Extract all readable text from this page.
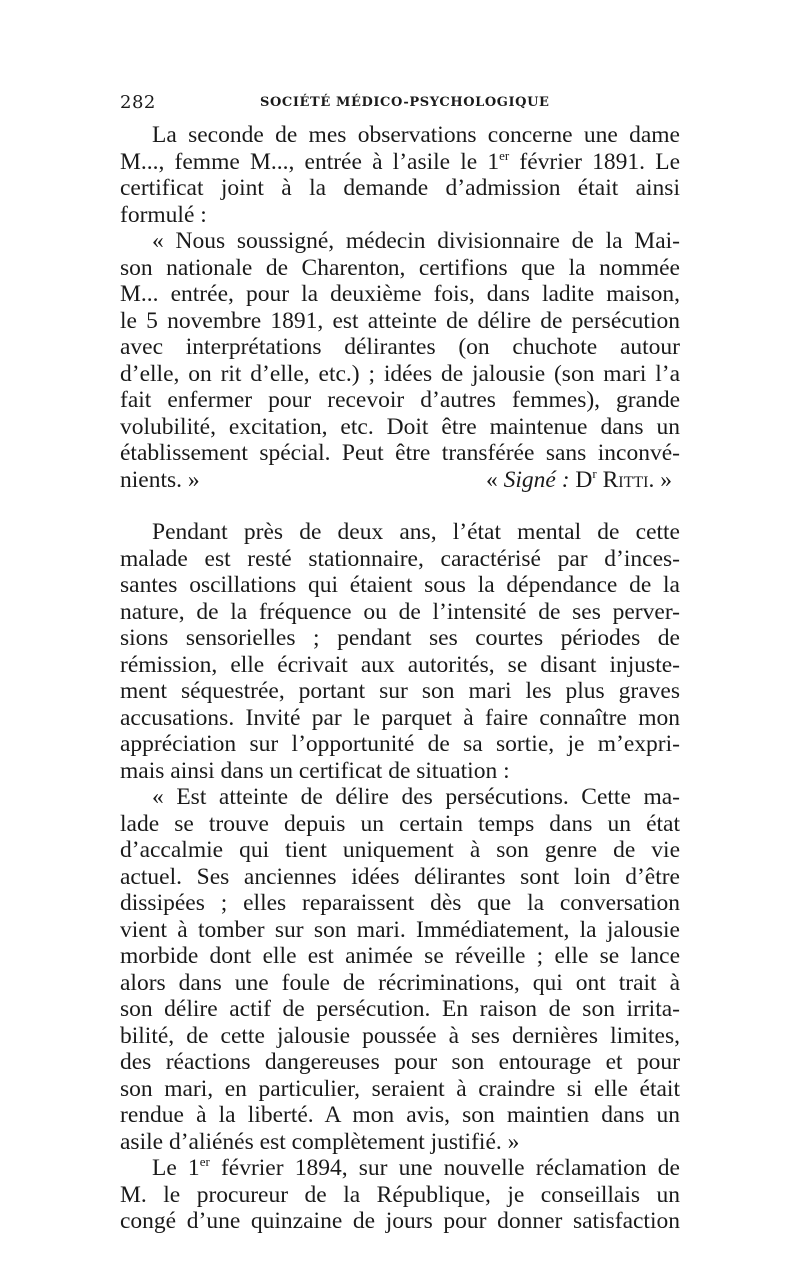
282	SOCIÉTÉ MÉDICO-PSYCHOLOGIQUE

La seconde de mes observations concerne une dame
M..., femme M..., entrée à l’asile le 1er février 1891. Le
certificat joint à la demande d’admission était ainsi
formulé :

« Nous soussigné, médecin divisionnaire de la Mai-
son nationale de Charenton, certifions que la nommée
M... entrée, pour la deuxième fois, dans ladite maison,
le 5 novembre 1891, est atteinte de délire de persécution
avec interprétations délirantes (on chuchote autour
d’elle, on rit d’elle, etc.) ; idées de jalousie (son mari l’a
fait enfermer pour recevoir d’autres femmes), grande
volubilité, excitation, etc. Doit être maintenue dans un
établissement spécial. Peut être transférée sans inconvé-
nients. »	« Signé : $D^r$ Ritti. »

Pendant près de deux ans, l’état mental de cette
malade est resté stationnaire, caractérisé par d’inces-
santes oscillations qui étaient sous la dépendance de la
nature, de la fréquence ou de l’intensité de ses perver-
sions sensorielles ; pendant ses courtes périodes de
rémission, elle écrivait aux autorités, se disant injuste-
ment séquestrée, portant sur son mari les plus graves
accusations. Invité par le parquet à faire connaître mon
appréciation sur l’opportunité de sa sortie, je m’expri-
mais ainsi dans un certificat de situation :

« Est atteinte de délire des persécutions. Cette ma-
lade se trouve depuis un certain temps dans un état
d’accalmie qui tient uniquement à son genre de vie
actuel. Ses anciennes idées délirantes sont loin d’être
dissipées ; elles reparaissent dès que la conversation
vient à tomber sur son mari. Immédiatement, la jalousie
morbide dont elle est animée se réveille ; elle se lance
alors dans une foule de récriminations, qui ont trait à
son délire actif de persécution. En raison de son irrita-
bilité, de cette jalousie poussée à ses dernières limites,
des réactions dangereuses pour son entourage et pour
son mari, en particulier, seraient à craindre si elle était
rendue à la liberté. A mon avis, son maintien dans un
asile d’aliénés est complètement justifié. »

Le 1er février 1894, sur une nouvelle réclamation de
M. le procureur de la République, je conseillais un
congé d’une quinzaine de jours pour donner satisfaction
